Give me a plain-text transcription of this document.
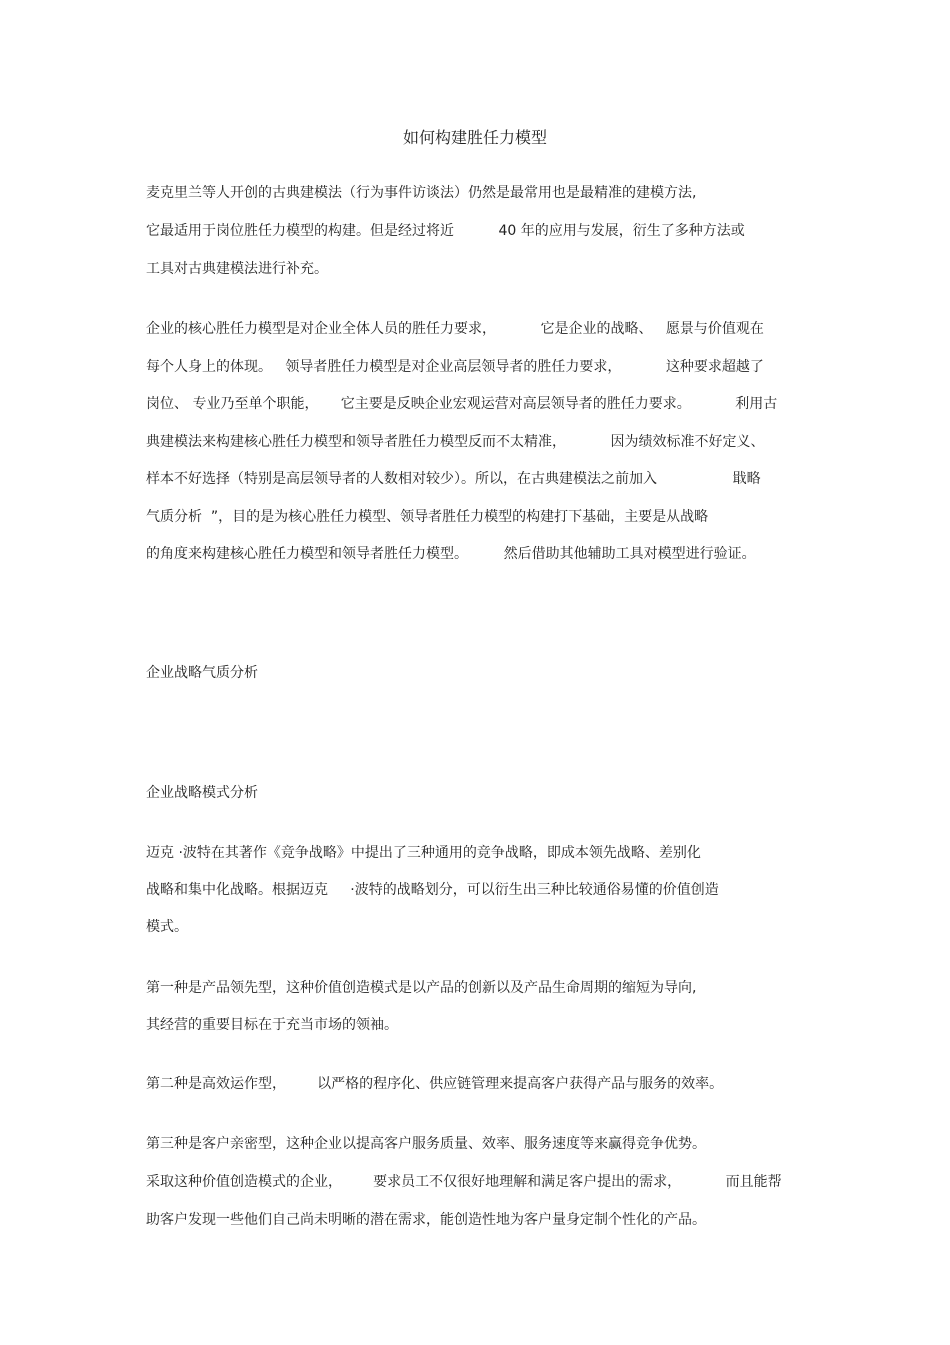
如何构建胜任力模型
麦克里兰等人开创的古典建模法（行为事件访谈法）仍然是最常用也是最精准的建模方法,
它最适用于岗位胜任力模型的构建。但是经过将近          40 年的应用与发展，衍生了多种方法或
工具对古典建模法进行补充。
企业的核心胜任力模型是对企业全体人员的胜任力要求，          它是企业的战略、   愿景与价值观在
每个人身上的体现。   领导者胜任力模型是对企业高层领导者的胜任力要求，          这种要求超越了
岗位、 专业乃至单个职能，     它主要是反映企业宏观运营对高层领导者的胜任力要求。          利用古
典建模法来构建核心胜任力模型和领导者胜任力模型反而不太精准，          因为绩效标准不好定义、
样本不好选择（特别是高层领导者的人数相对较少）。所以，在古典建模法之前加入                 戢略
气质分析  ”，目的是为核心胜任力模型、领导者胜任力模型的构建打下基础，主要是从战略
的角度来构建核心胜任力模型和领导者胜任力模型。        然后借助其他辅助工具对模型进行验证。
企业战略气质分析
企业战略模式分析
迈克 ·波特在其著作《竞争战略》中提出了三种通用的竞争战略，即成本领先战略、差别化
战略和集中化战略。根据迈克     ·波特的战略划分，可以衍生出三种比较通俗易懂的价值创造
模式。
第一种是产品领先型，这种价值创造模式是以产品的创新以及产品生命周期的缩短为导向,
其经营的重要目标在于充当市场的领袖。
第二种是高效运作型，       以严格的程序化、供应链管理来提高客户获得产品与服务的效率。
第三种是客户亲密型，这种企业以提高客户服务质量、效率、服务速度等来赢得竞争优势。
采取这种价值创造模式的企业，       要求员工不仅很好地理解和满足客户提出的需求，          而且能帮
助客户发现一些他们自己尚未明晰的潜在需求，能创造性地为客户量身定制个性化的产品。
